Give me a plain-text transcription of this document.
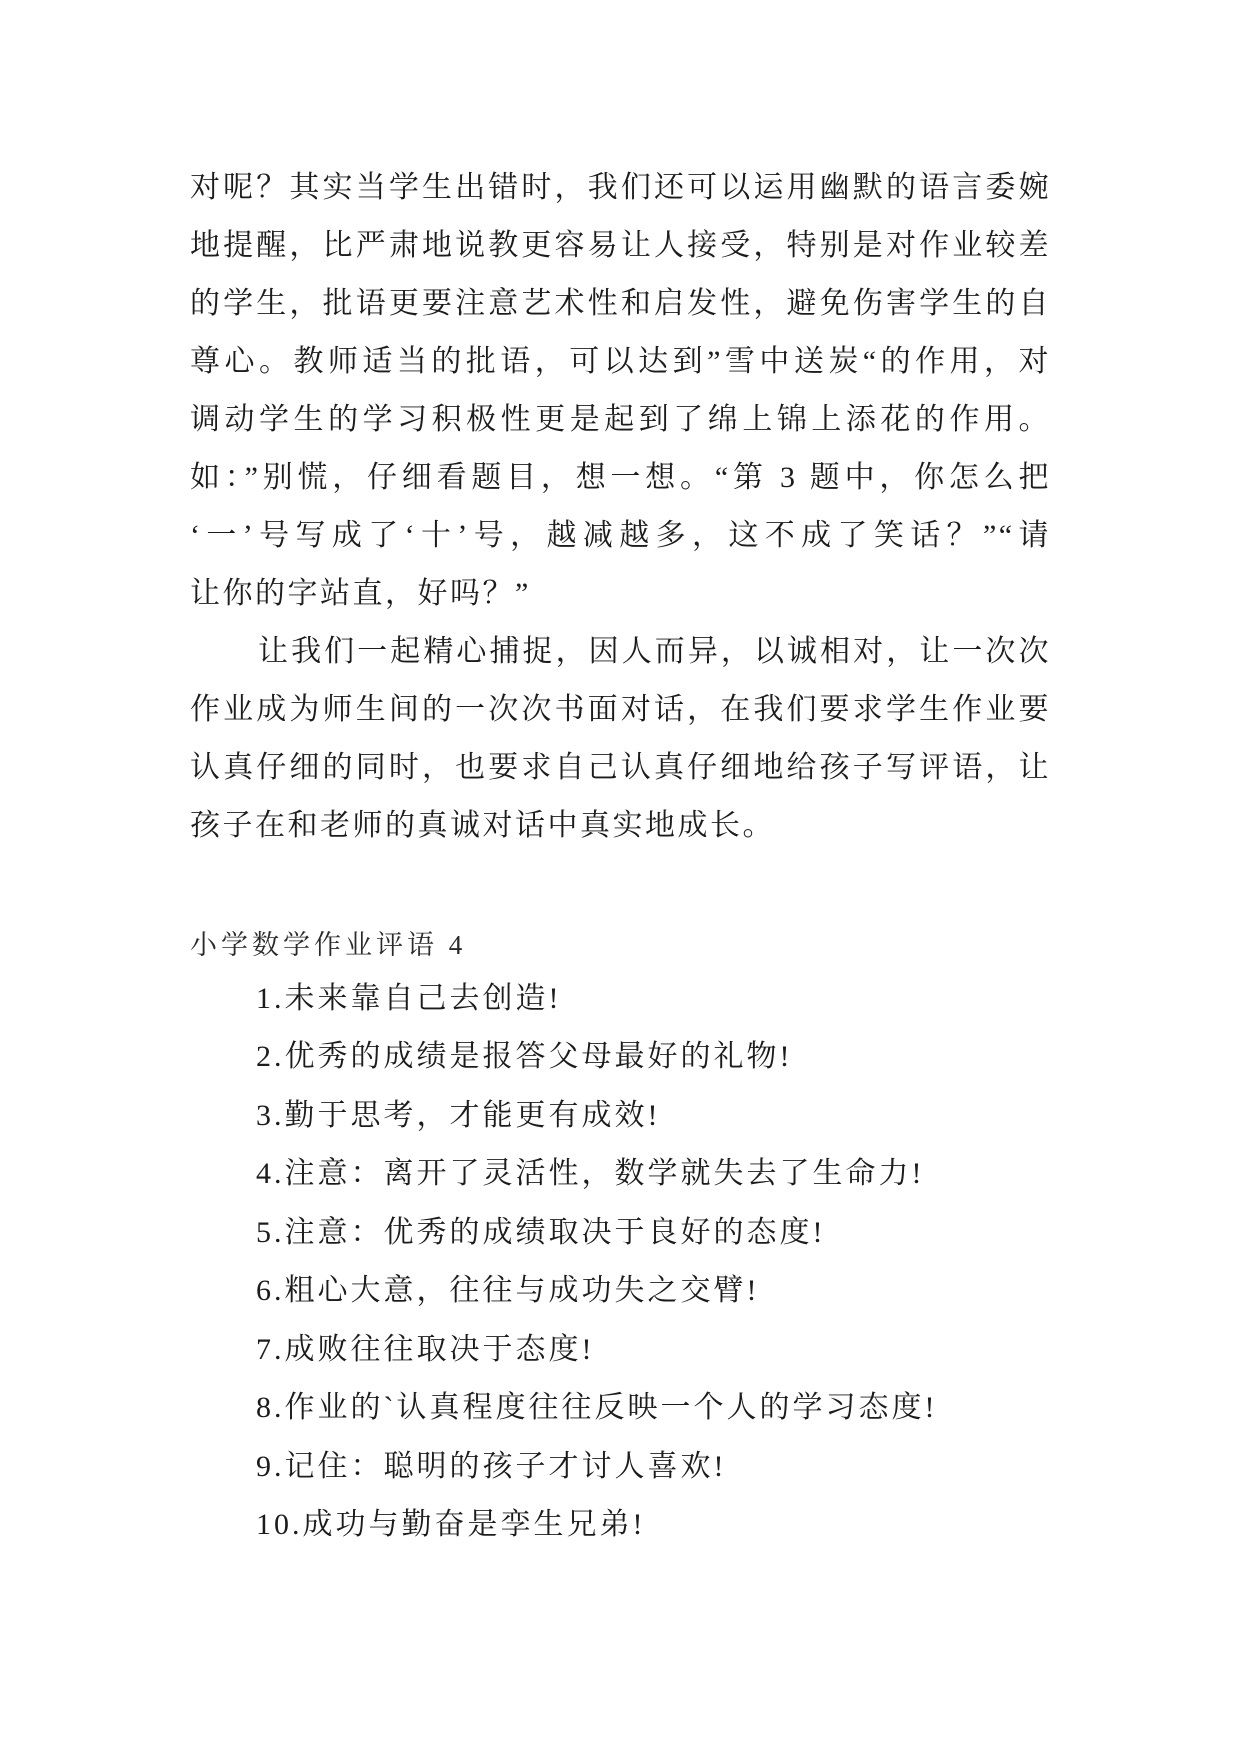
对呢？其实当学生出错时，我们还可以运用幽默的语言委婉
地提醒，比严肃地说教更容易让人接受，特别是对作业较差
的学生，批语更要注意艺术性和启发性，避免伤害学生的自
尊心。教师适当的批语，可以达到”雪中送炭“的作用，对
调动学生的学习积极性更是起到了绵上锦上添花的作用。
如：”别慌，仔细看题目，想一想。“第 3 题中，你怎么把
‘一’号写成了‘十’号，越减越多，这不成了笑话？”“请
让你的字站直，好吗？”
让我们一起精心捕捉，因人而异，以诚相对，让一次次
作业成为师生间的一次次书面对话，在我们要求学生作业要
认真仔细的同时，也要求自己认真仔细地给孩子写评语，让
孩子在和老师的真诚对话中真实地成长。
小学数学作业评语 4
1.未来靠自己去创造!
2.优秀的成绩是报答父母最好的礼物!
3.勤于思考，才能更有成效!
4.注意：离开了灵活性，数学就失去了生命力!
5.注意：优秀的成绩取决于良好的态度!
6.粗心大意，往往与成功失之交臂!
7.成败往往取决于态度!
8.作业的`认真程度往往反映一个人的学习态度!
9.记住：聪明的孩子才讨人喜欢!
10.成功与勤奋是孪生兄弟!
